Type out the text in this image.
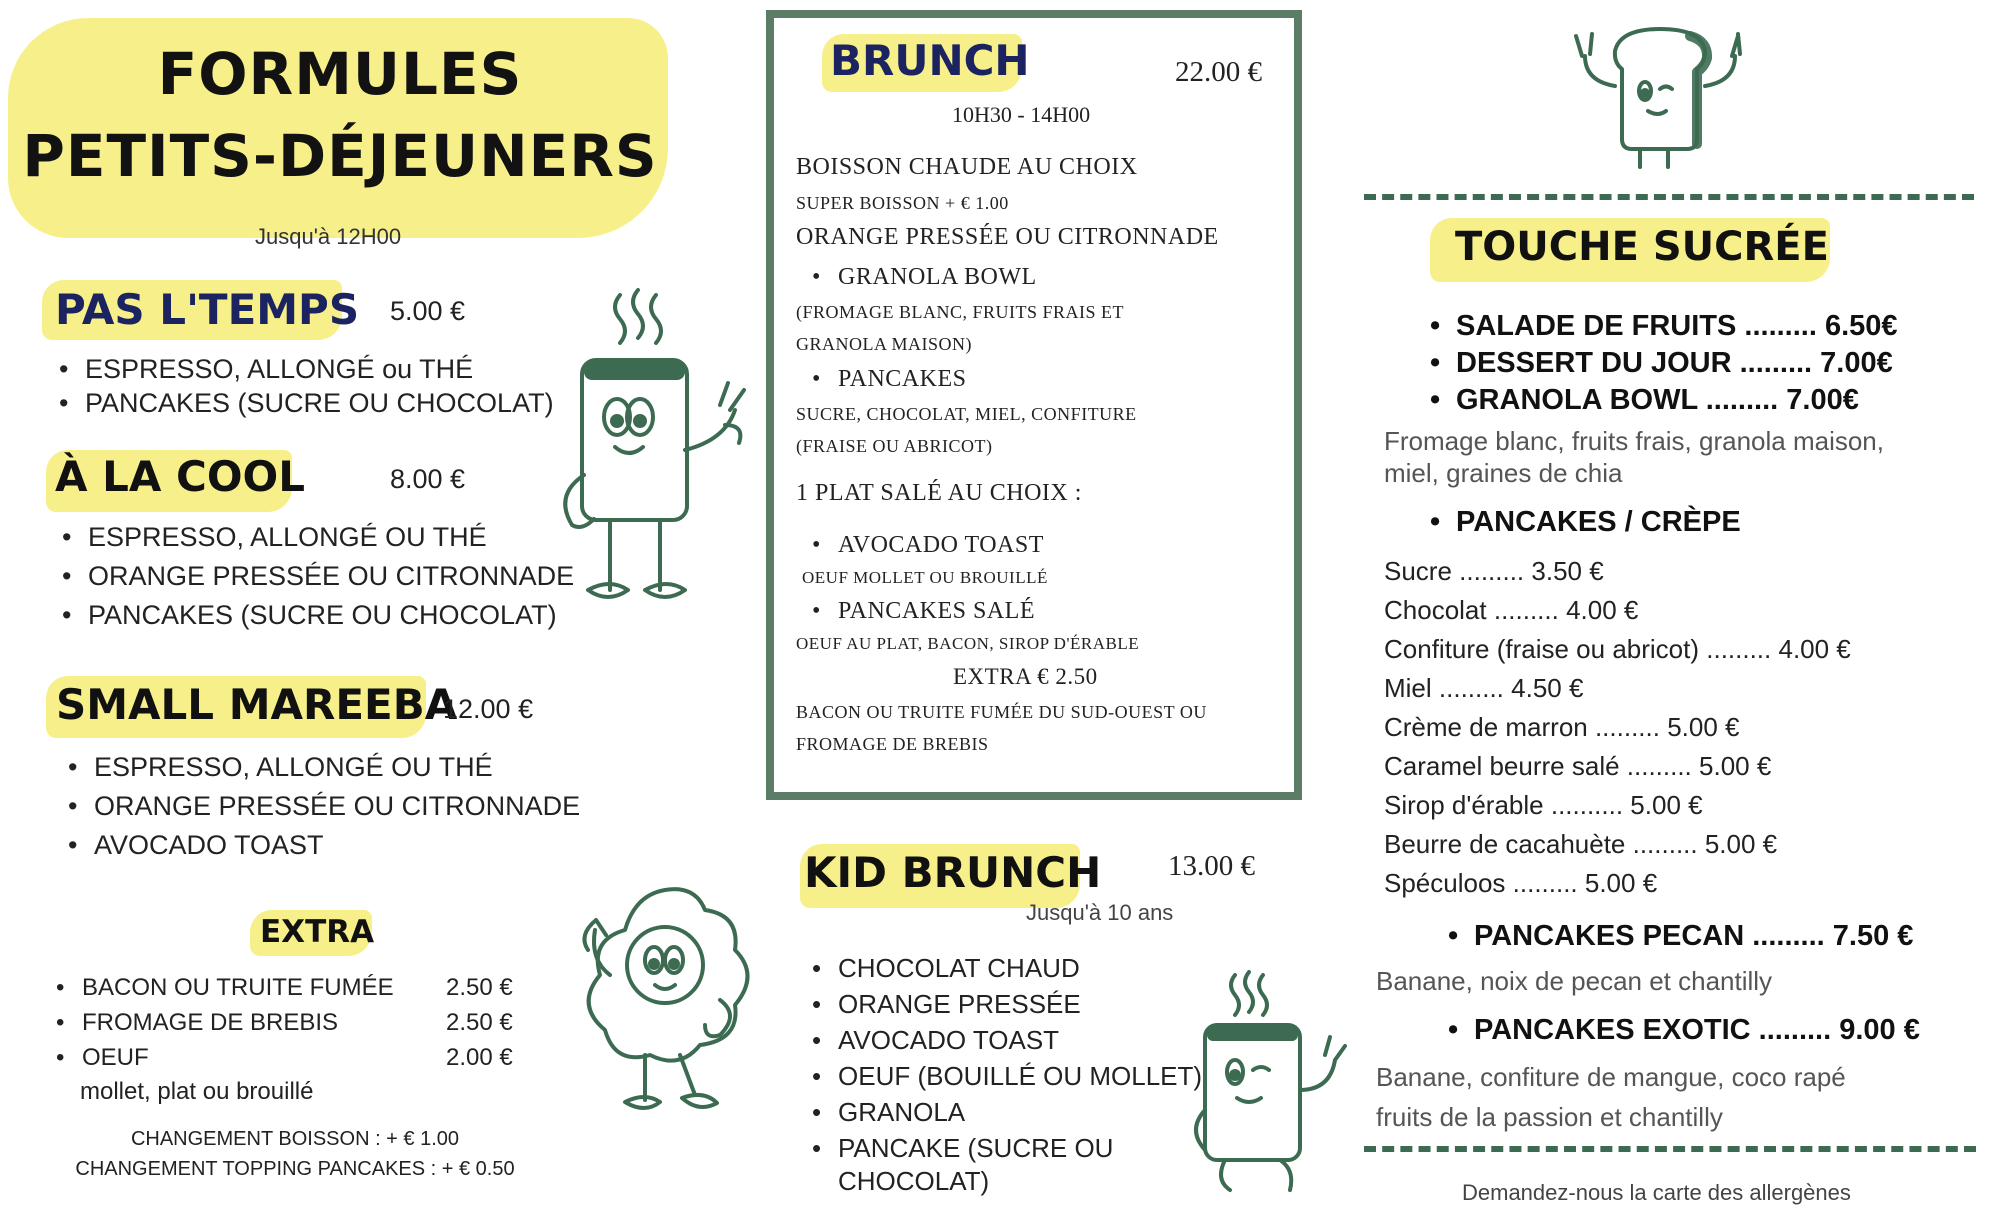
FORMULES
PETITS-DÉJEUNERS
Jusqu'à 12H00
PAS L'TEMPS 5.00 €
• ESPRESSO, ALLONGÉ ou THÉ
• PANCAKES (SUCRE OU CHOCOLAT)
À LA COOL	8.00 €
• ESPRESSO, ALLONGÉ OU THÉ
• ORANGE PRESSÉE OU CITRONNADE
• PANCAKES (SUCRE OU CHOCOLAT)
SMALL MAREEBA
12.00 €
• ESPRESSO, ALLONGÉ OU THÉ
• ORANGE PRESSÉE OU CITRONNADE
• AVOCADO TOAST
EXTRA
• BACON OU TRUITE FUMÉE 2.50 €
• FROMAGE DE BREBIS	2.50 €
• OEUF	2.00 €
mollet, plat ou brouillé
CHANGEMENT BOISSON : + € 1.00
CHANGEMENT TOPPING PANCAKES : + € 0.50
BRUNCH	22.00 €
10H30 - 14H00
BOISSON CHAUDE AU CHOIX
SUPER BOISSON + € 1.00
ORANGE PRESSÉE OU CITRONNADE
• GRANOLA BOWL
(FROMAGE BLANC, FRUITS FRAIS ET
GRANOLA MAISON)
• PANCAKES
SUCRE, CHOCOLAT, MIEL, CONFITURE
(FRAISE OU ABRICOT)
1 PLAT SALÉ AU CHOIX :
• AVOCADO TOAST
OEUF MOLLET OU BROUILLÉ
• PANCAKES SALÉ
OEUF AU PLAT, BACON, SIROP D'ÉRABLE
EXTRA € 2.50
BACON OU TRUITE FUMÉE DU SUD-OUEST OU
FROMAGE DE BREBIS
KID BRUNCH 13.00 €
Jusqu'à 10 ans
• CHOCOLAT CHAUD
• ORANGE PRESSÉE
• AVOCADO TOAST
• OEUF (BOUILLÉ OU MOLLET)
• GRANOLA
• PANCAKE (SUCRE OU
CHOCOLAT)
TOUCHE SUCRÉE
• SALADE DE FRUITS ......... 6.50€
• DESSERT DU JOUR ......... 7.00€
• GRANOLA BOWL ......... 7.00€
Fromage blanc, fruits frais, granola maison,
miel, graines de chia
• PANCAKES / CRÈPE
Sucre ......... 3.50 €
Chocolat ......... 4.00 €
Confiture (fraise ou abricot) ......... 4.00 €
Miel ......... 4.50 €
Crème de marron ......... 5.00 €
Caramel beurre salé ......... 5.00 €
Sirop d'érable .......... 5.00 €
Beurre de cacahuète ......... 5.00 €
Spéculoos ......... 5.00 €
• PANCAKES PECAN ......... 7.50 €
Banane, noix de pecan et chantilly
• PANCAKES EXOTIC ......... 9.00 €
Banane, confiture de mangue, coco rapé
fruits de la passion et chantilly
Demandez-nous la carte des allergènes
